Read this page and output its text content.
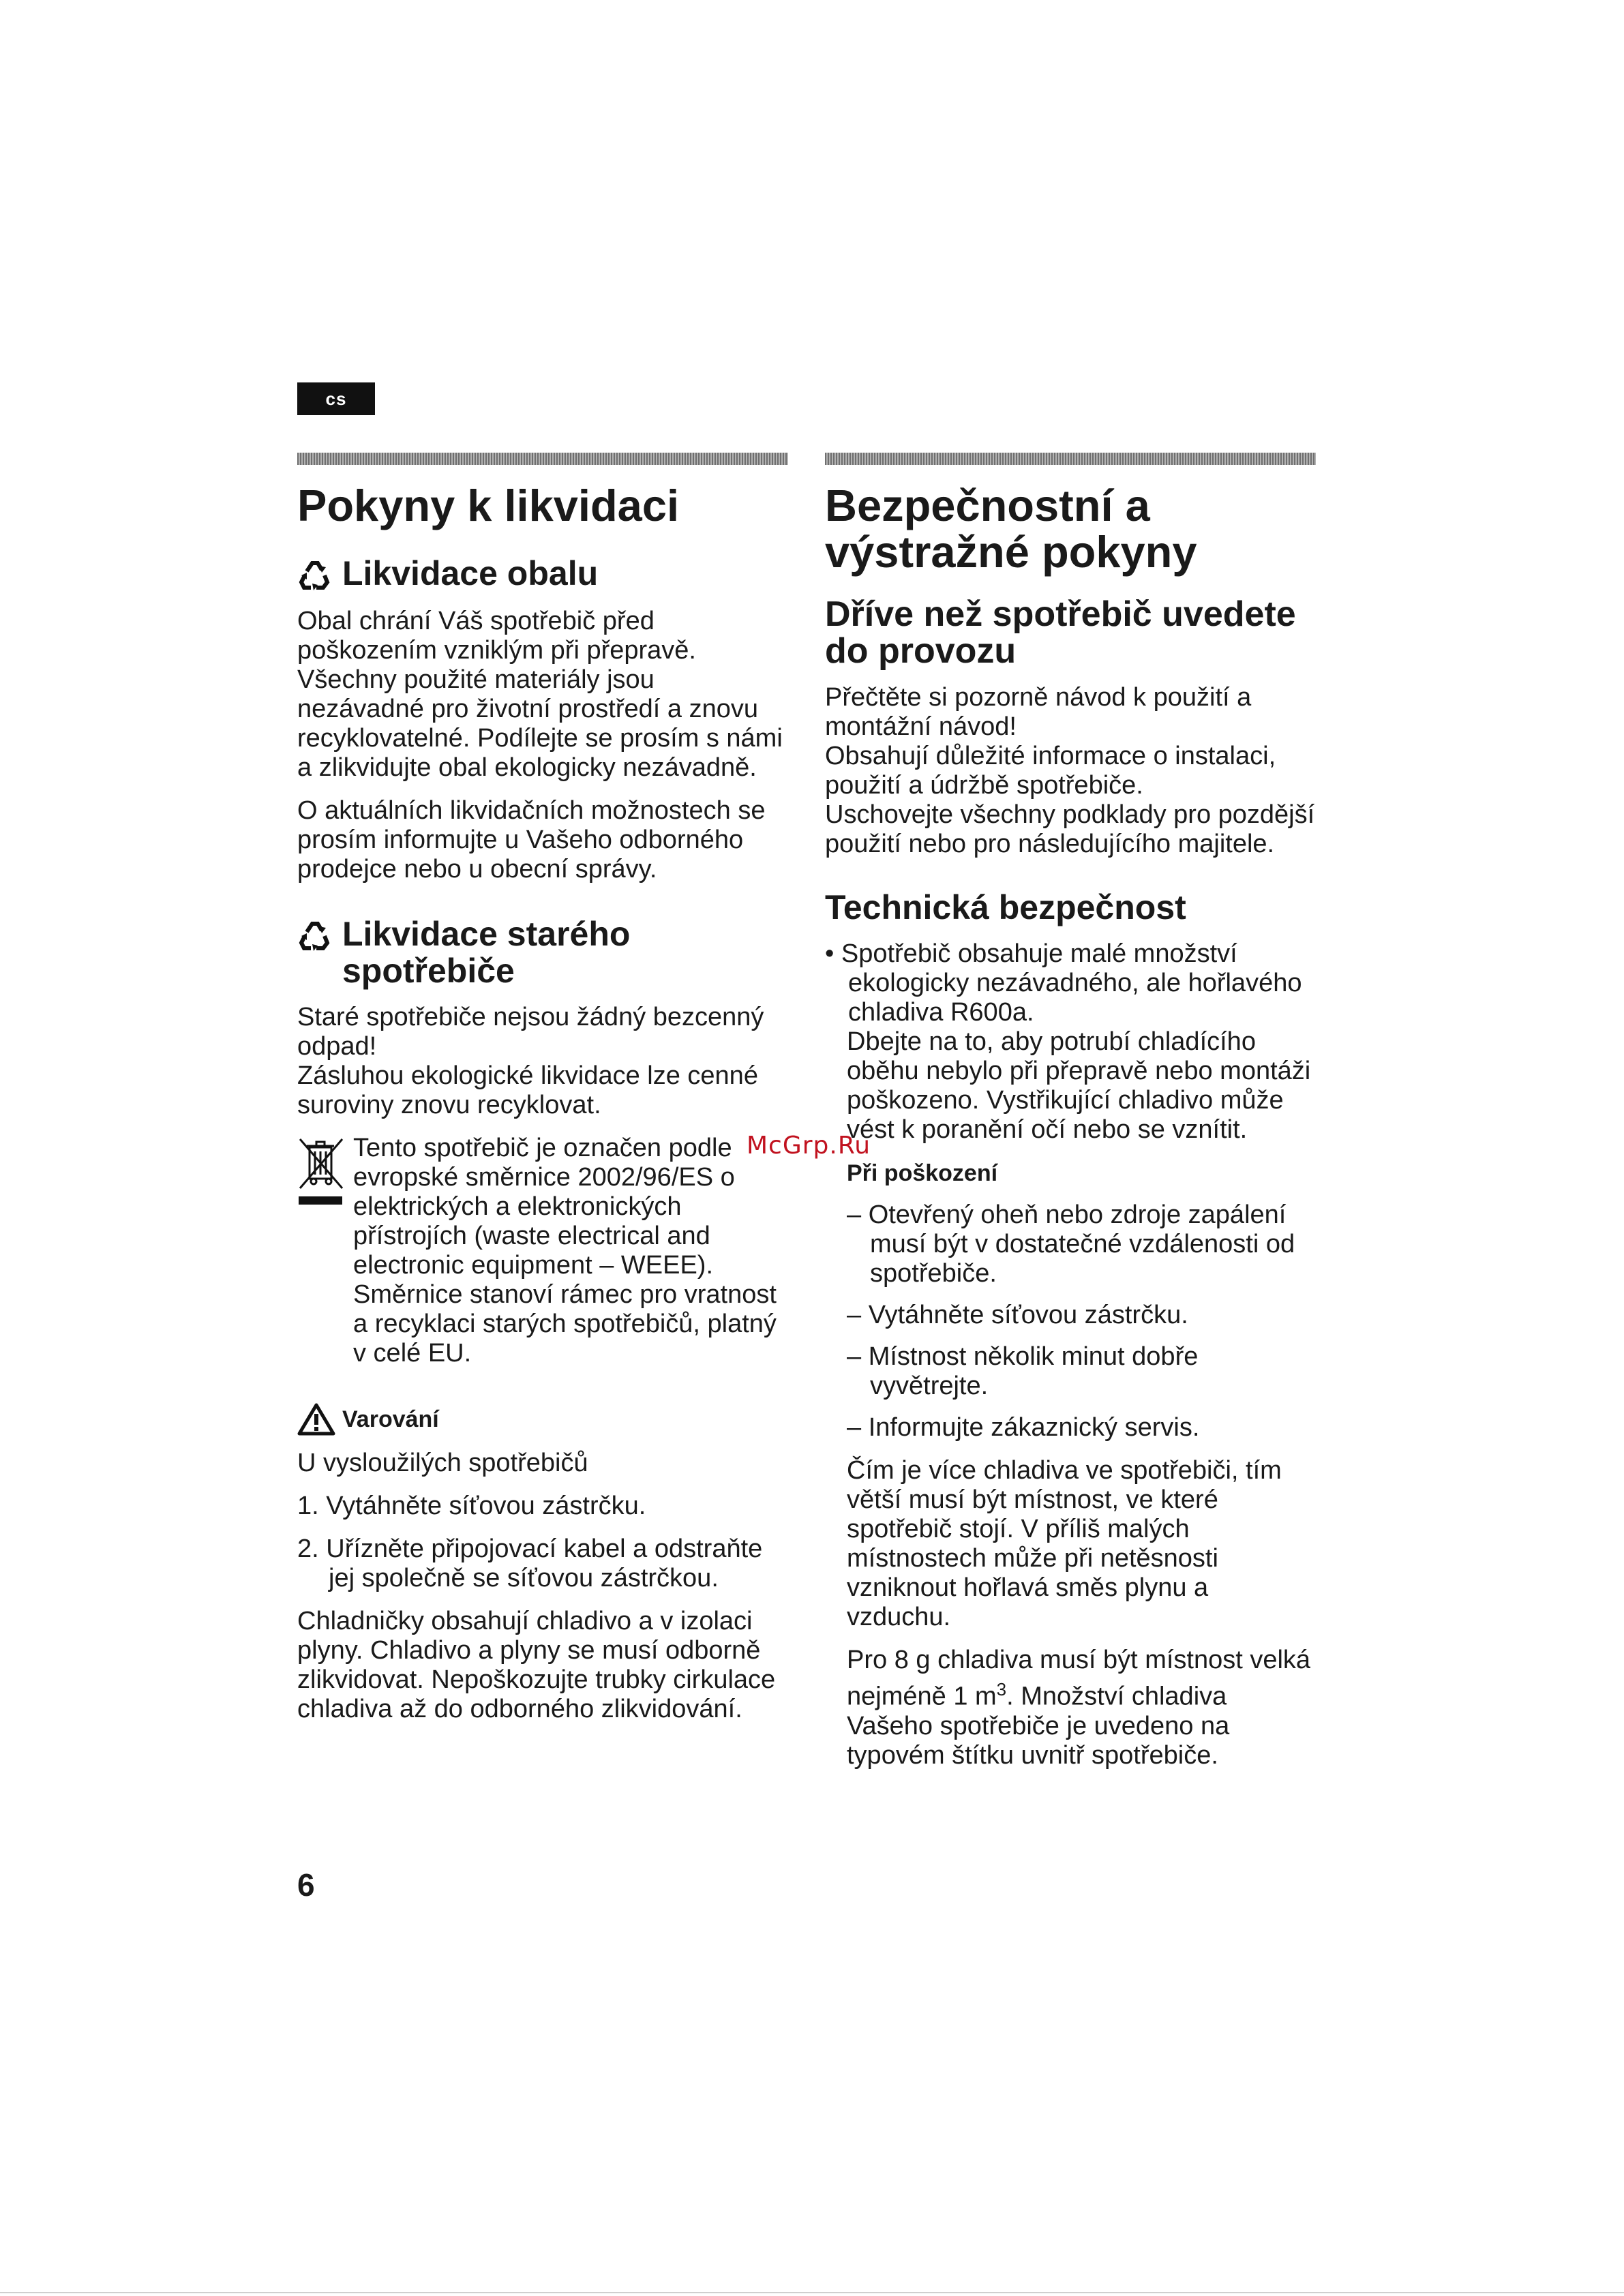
cs
Pokyny k likvidaci
Likvidace obalu

Obal chrání Váš spotřebič před poškozením vzniklým při přepravě. Všechny použité materiály jsou nezávadné pro životní prostředí a znovu recyklovatelné. Podílejte se prosím s námi a zlikvidujte obal ekologicky nezávadně.

O aktuálních likvidačních možnostech se prosím informujte u Vašeho odborného prodejce nebo u obecní správy.

Likvidace starého spotřebiče

Staré spotřebiče nejsou žádný bezcenný odpad!

Zásluhou ekologické likvidace lze cenné suroviny znovu recyklovat.

Tento spotřebič je označen podle evropské směrnice 2002/96/ES o elektrických a elektronických přístrojích (waste electrical and electronic equipment – WEEE). Směrnice stanoví rámec pro vratnost a recyklaci starých spotřebičů, platný v celé EU.

Varování

U vysloužilých spotřebičů

1. Vytáhněte síťovou zástrčku.
2. Uřízněte připojovací kabel a odstraňte jej společně se síťovou zástrčkou.

Chladničky obsahují chladivo a v izolaci plyny. Chladivo a plyny se musí odborně zlikvidovat. Nepoškozujte trubky cirkulace chladiva až do odborného zlikvidování.

Bezpečnostní a výstražné pokyny
Dříve než spotřebič uvedete do provozu

Přečtěte si pozorně návod k použití a montážní návod!

Obsahují důležité informace o instalaci, použití a údržbě spotřebiče.

Uschovejte všechny podklady pro pozdější použití nebo pro následujícího majitele.

Technická bezpečnost
• Spotřebič obsahuje malé množství ekologicky nezávadného, ale hořlavého chladiva R600a.

Dbejte na to, aby potrubí chladícího oběhu nebylo při přepravě nebo montáži poškozeno. Vystřikující chladivo může vést k poranění očí nebo se vznítit.

Při poškození
– Otevřený oheň nebo zdroje zapálení musí být v dostatečné vzdálenosti od spotřebiče.
– Vytáhněte síťovou zástrčku.
– Místnost několik minut dobře vyvětrejte.
– Informujte zákaznický servis.

Čím je více chladiva ve spotřebiči, tím větší musí být místnost, ve které spotřebič stojí. V příliš malých místnostech může při netěsnosti vzniknout hořlavá směs plynu a vzduchu.

Pro 8 g chladiva musí být místnost velká nejméně 1 $m^3$. Množství chladiva Vašeho spotřebiče je uvedeno na typovém štítku uvnitř spotřebiče.

McGrp.Ru
6
